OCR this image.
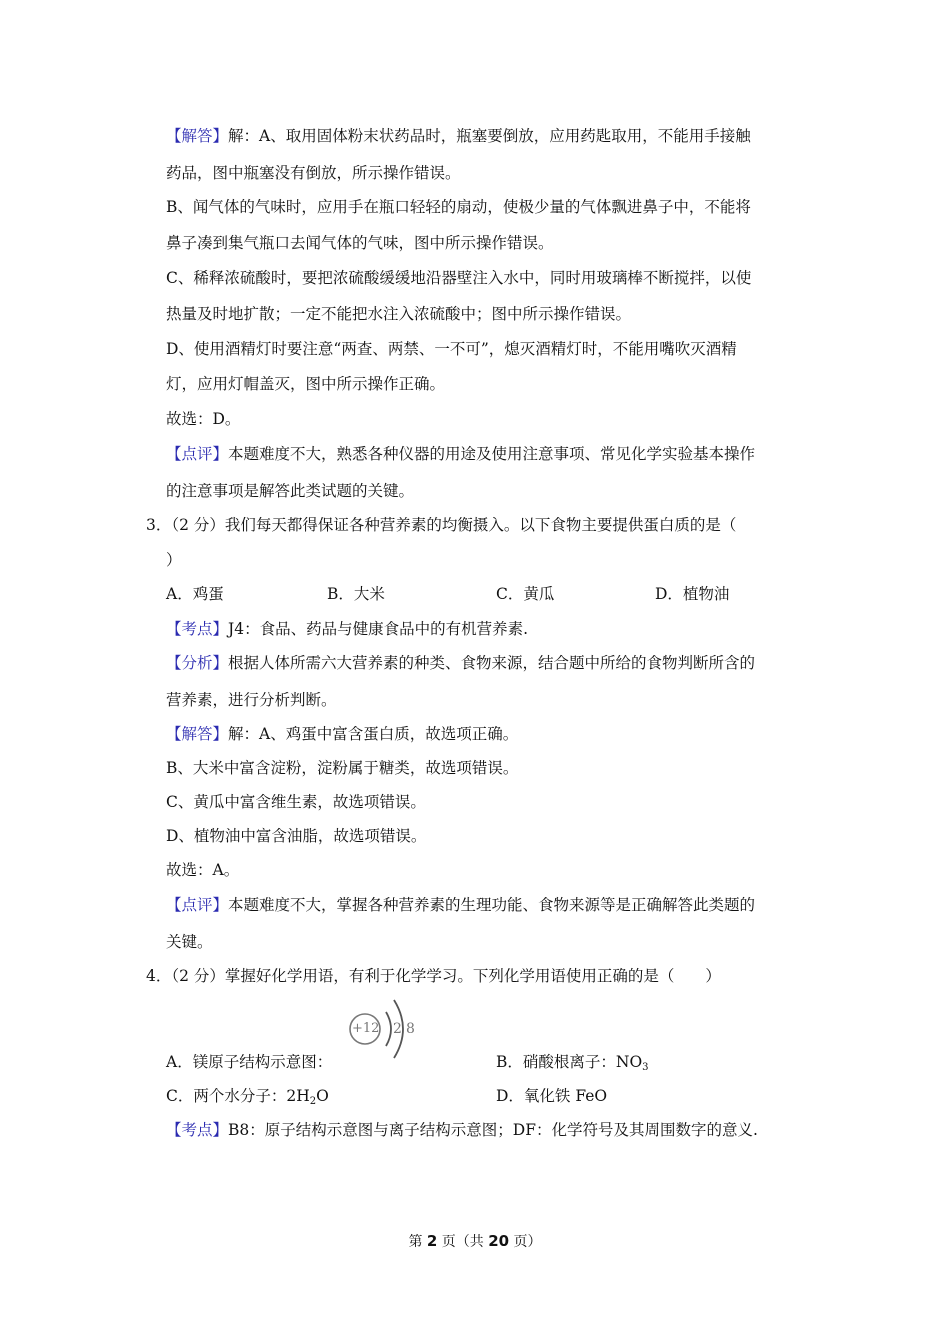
【解答】解：A、取用固体粉末状药品时，瓶塞要倒放，应用药匙取用，不能用手接触
药品，图中瓶塞没有倒放，所示操作错误。
B、闻气体的气味时，应用手在瓶口轻轻的扇动，使极少量的气体飘进鼻子中，不能将
鼻子凑到集气瓶口去闻气体的气味，图中所示操作错误。
C、稀释浓硫酸时，要把浓硫酸缓缓地沿器壁注入水中，同时用玻璃棒不断搅拌，以使
热量及时地扩散；一定不能把水注入浓硫酸中；图中所示操作错误。
D、使用酒精灯时要注意“两查、两禁、一不可”，熄灭酒精灯时，不能用嘴吹灭酒精
灯，应用灯帽盖灭，图中所示操作正确。
故选：D。
【点评】本题难度不大，熟悉各种仪器的用途及使用注意事项、常见化学实验基本操作
的注意事项是解答此类试题的关键。
3．（2 分）我们每天都得保证各种营养素的均衡摄入。以下食物主要提供蛋白质的是（
）
A．鸡蛋	B．大米	C．黄瓜	D．植物油
【考点】J4：食品、药品与健康食品中的有机营养素.
【分析】根据人体所需六大营养素的种类、食物来源，结合题中所给的食物判断所含的
营养素，进行分析判断。
【解答】解：A、鸡蛋中富含蛋白质，故选项正确。
B、大米中富含淀粉，淀粉属于糖类，故选项错误。
C、黄瓜中富含维生素，故选项错误。
D、植物油中富含油脂，故选项错误。
故选：A。
【点评】本题难度不大，掌握各种营养素的生理功能、食物来源等是正确解答此类题的
关键。
4．（2 分）掌握好化学用语，有利于化学学习。下列化学用语使用正确的是（　　）
+12 2 8
A．镁原子结构示意图：	B．硝酸根离子：$NO_3$
C．两个水分子：$2H_2O$	D．氧化铁 FeO
【考点】B8：原子结构示意图与离子结构示意图；DF：化学符号及其周围数字的意义.
第 2 页（共 20 页）
